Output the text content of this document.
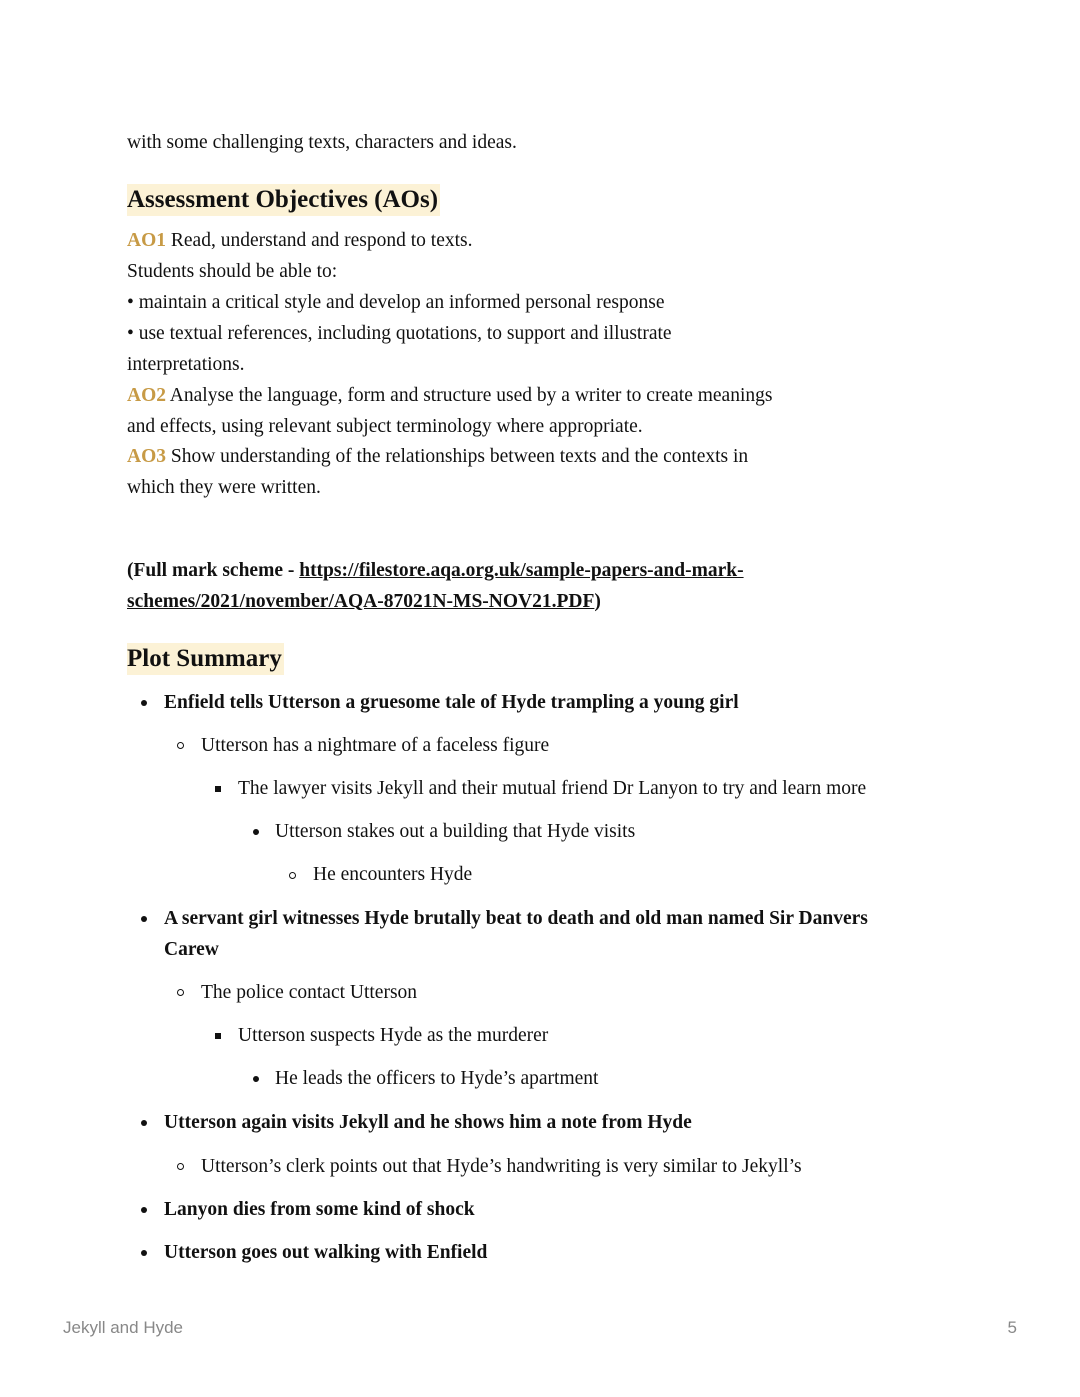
with some challenging texts, characters and ideas.
Assessment Objectives (AOs)
AO1 Read, understand and respond to texts.
Students should be able to:
• maintain a critical style and develop an informed personal response
• use textual references, including quotations, to support and illustrate
interpretations.
AO2 Analyse the language, form and structure used by a writer to create meanings
and effects, using relevant subject terminology where appropriate.
AO3 Show understanding of the relationships between texts and the contexts in
which they were written.
(Full mark scheme - https://filestore.aqa.org.uk/sample-papers-and-mark-
schemes/2021/november/AQA-87021N-MS-NOV21.PDF)
Plot Summary
Enfield tells Utterson a gruesome tale of Hyde trampling a young girl
Utterson has a nightmare of a faceless figure
The lawyer visits Jekyll and their mutual friend Dr Lanyon to try and learn more
Utterson stakes out a building that Hyde visits
He encounters Hyde
A servant girl witnesses Hyde brutally beat to death and old man named Sir Danvers
Carew
The police contact Utterson
Utterson suspects Hyde as the murderer
He leads the officers to Hyde’s apartment
Utterson again visits Jekyll and he shows him a note from Hyde
Utterson’s clerk points out that Hyde’s handwriting is very similar to Jekyll’s
Lanyon dies from some kind of shock
Utterson goes out walking with Enfield
Jekyll and Hyde	5
